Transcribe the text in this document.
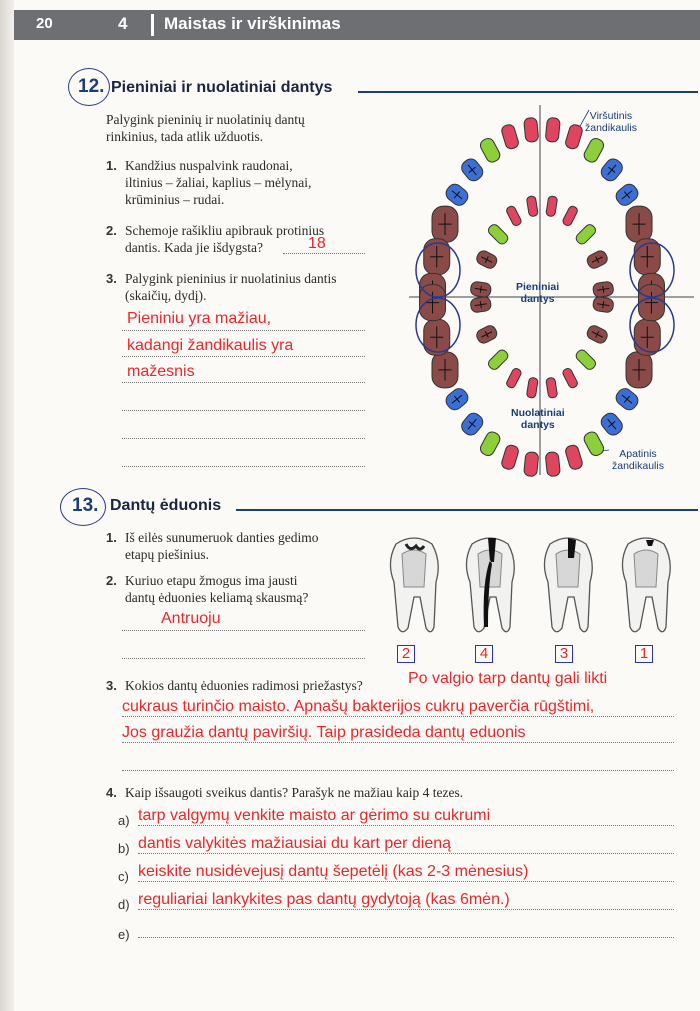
20	4 Maistas ir virškinimas
12. Pieniniai ir nuolatiniai dantys
Palygink pieninių ir nuolatinių dantų
rinkinius, tada atlik užduotis.
1. Kandžius nuspalvink raudonai,
iltinius – žaliai, kaplius – mėlynai,
krūminius – rudai.
2. Schemoje rašikliu apibrauk protinius
dantis. Kada jie išdygsta?	18
3. Palygink pieninius ir nuolatinius dantis
(skaičių, dydį).
Pieniniu yra mažiau,
kadangi žandikaulis yra
mažesnis
Viršutinis
žandikaulis
Pieniniai
dantys
Nuolatiniai
dantys
Apatinis
žandikaulis
13. Dantų ėduonis
1. Iš eilės sunumeruok danties gedimo
etapų piešinius.
2. Kuriuo etapu žmogus ima jausti
dantų ėduonies keliamą skausmą?
Antruoju
2	4	3	1
3. Kokios dantų ėduonies radimosi priežastys?	Po valgio tarp dantų gali likti
cukraus turinčio maisto. Apnašų bakterijos cukrų paverčia rūgštimi,
Jos graužia dantų paviršių. Taip prasideda dantų eduonis
4. Kaip išsaugoti sveikus dantis? Parašyk ne mažiau kaip 4 tezes.
a)
b)
c)
d)
e)
tarp valgymų venkite maisto ar gėrimo su cukrumi
dantis valykitės mažiausiai du kart per dieną
keiskite nusidėvejusį dantų šepetėlį (kas 2-3 mėnesius)
reguliariai lankykites pas dantų gydytoją (kas 6mėn.)
